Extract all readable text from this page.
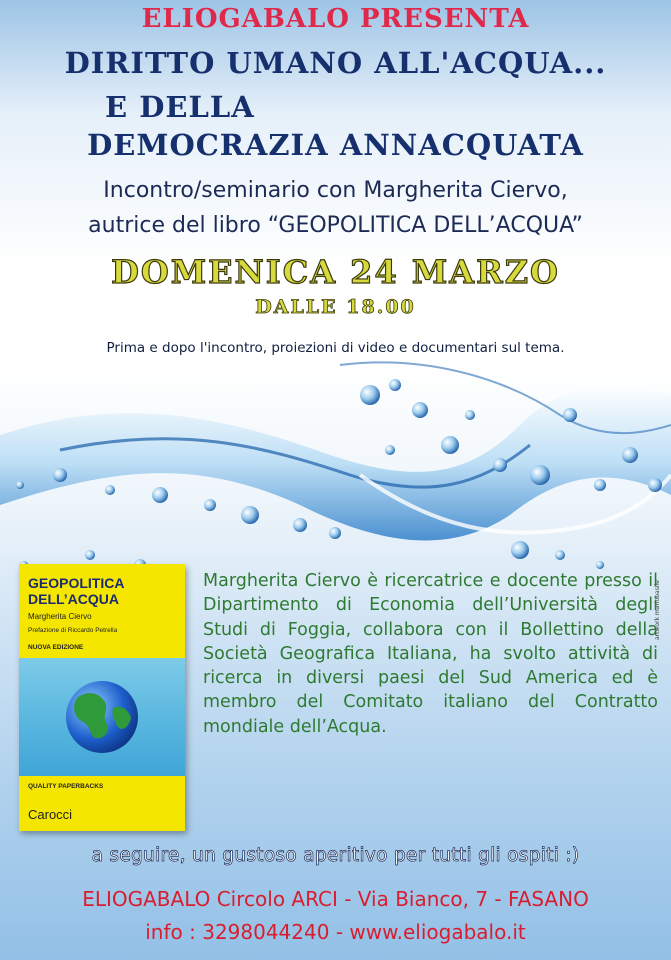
ELIOGABALO PRESENTA
DIRITTO UMANO ALL'ACQUA...
E DELLA
DEMOCRAZIA ANNACQUATA
Incontro/seminario con Margherita Ciervo,
autrice del libro “GEOPOLITICA DELL’ACQUA”
DOMENICA 24 MARZO
DALLE 18.00
Prima e dopo l'incontro, proiezioni di video e documentari sul tema.
artwork mariobasile
GEOPOLITICA
DELL’ACQUA
Margherita Ciervo
Prefazione di Riccardo Petrella
NUOVA EDIZIONE
QUALITY PAPERBACKS
Carocci
Margherita Ciervo è ricercatrice e docente presso il Dipartimento di Economia dell’Università degli Studi di Foggia, collabora con il Bollettino della Società Geografica Italiana, ha svolto attività di ricerca in diversi paesi del Sud America ed è membro del Comitato italiano del Contratto mondiale dell’Acqua.
a seguire, un gustoso aperitivo per tutti gli ospiti :)
ELIOGABALO Circolo ARCI - Via Bianco, 7 - FASANO
info : 3298044240 - www.eliogabalo.it
